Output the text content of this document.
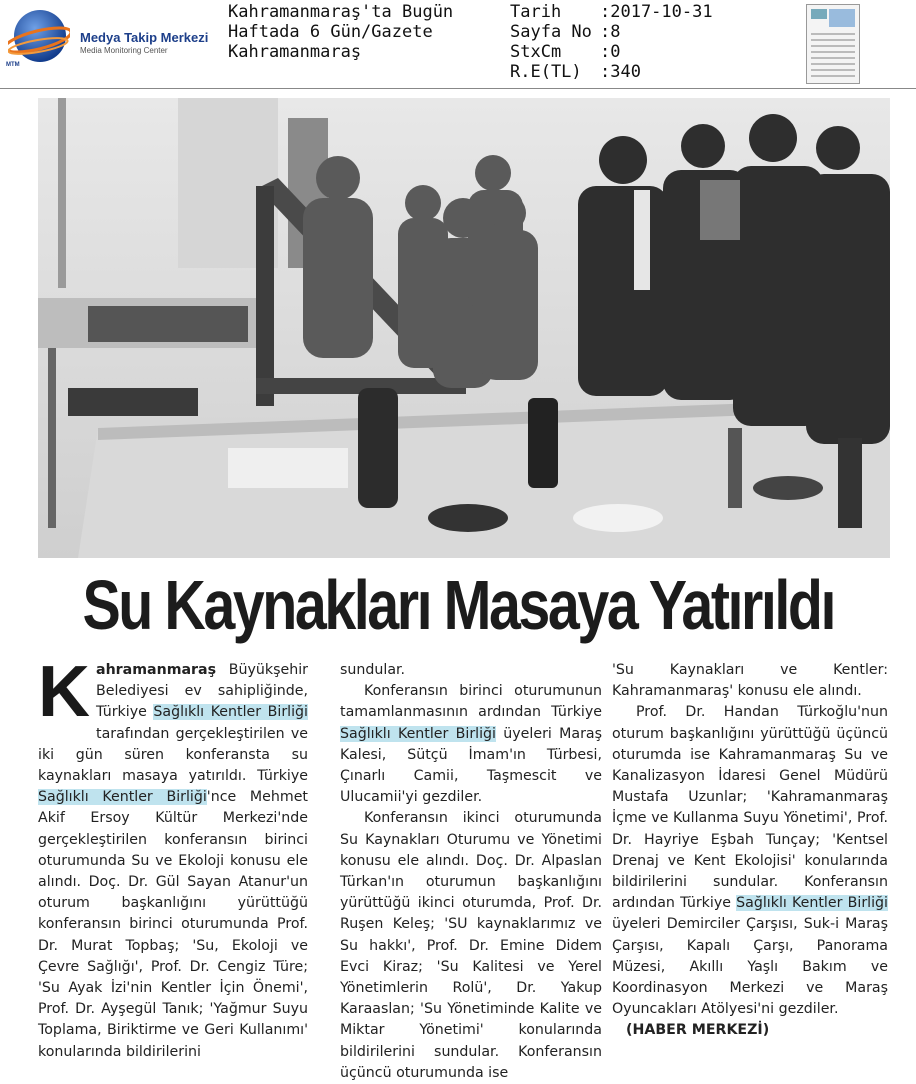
MTM
Medya Takip Merkezi
Media Monitoring Center
Kahramanmaraş'ta Bugün
Haftada 6 Gün/Gazete
Kahramanmaraş
Tarih	:2017-10-31
Sayfa No :8
StxCm	:0
R.E(TL)	:340
Su Kaynakları Masaya Yatırıldı

Kahramanmaraş Büyükşehir Belediyesi ev sahipliğinde, Türkiye Sağlıklı Kentler Birliği tarafından gerçekleştirilen ve iki gün süren konferansta su kaynakları masaya yatırıldı. Türkiye Sağlıklı Kentler Birliği'nce Mehmet Akif Ersoy Kültür Merkezi'nde gerçekleştirilen konferansın birinci oturumunda Su ve Ekoloji konusu ele alındı. Doç. Dr. Gül Sayan Atanur'un oturum başkanlığını yürüttüğü konferansın birinci oturumunda Prof. Dr. Murat Topbaş; 'Su, Ekoloji ve Çevre Sağlığı', Prof. Dr. Cengiz Türe; 'Su Ayak İzi'nin Kentler İçin Önemi', Prof. Dr. Ayşegül Tanık; 'Yağmur Suyu Toplama, Biriktirme ve Geri Kullanımı' konularında bildirilerini

sundular.

Konferansın birinci oturumunun tamamlanmasının ardından Türkiye Sağlıklı Kentler Birliği üyeleri Maraş Kalesi, Sütçü İmam'ın Türbesi, Çınarlı Camii, Taşmescit ve Ulucamii'yi gezdiler.

Konferansın ikinci oturumunda Su Kaynakları Oturumu ve Yönetimi konusu ele alındı. Doç. Dr. Alpaslan Türkan'ın oturumun başkanlığını yürüttüğü ikinci oturumda, Prof. Dr. Ruşen Keleş; 'SU kaynaklarımız ve Su hakkı', Prof. Dr. Emine Didem Evci Kiraz; 'Su Kalitesi ve Yerel Yönetimlerin Rolü', Dr. Yakup Karaaslan; 'Su Yönetiminde Kalite ve Miktar Yönetimi' konularında bildirilerini sundular. Konferansın üçüncü oturumunda ise

'Su Kaynakları ve Kentler: Kahramanmaraş' konusu ele alındı.

Prof. Dr. Handan Türkoğlu'nun oturum başkanlığını yürüttüğü üçüncü oturumda ise Kahramanmaraş Su ve Kanalizasyon İdaresi Genel Müdürü Mustafa Uzunlar; 'Kahramanmaraş İçme ve Kullanma Suyu Yönetimi', Prof. Dr. Hayriye Eşbah Tunçay; 'Kentsel Drenaj ve Kent Ekolojisi' konularında bildirilerini sundular. Konferansın ardından Türkiye Sağlıklı Kentler Birliği üyeleri Demirciler Çarşısı, Suk-i Maraş Çarşısı, Kapalı Çarşı, Panorama Müzesi, Akıllı Yaşlı Bakım ve Koordinasyon Merkezi ve Maraş Oyuncakları Atölyesi'ni gezdiler.

(HABER MERKEZİ)
